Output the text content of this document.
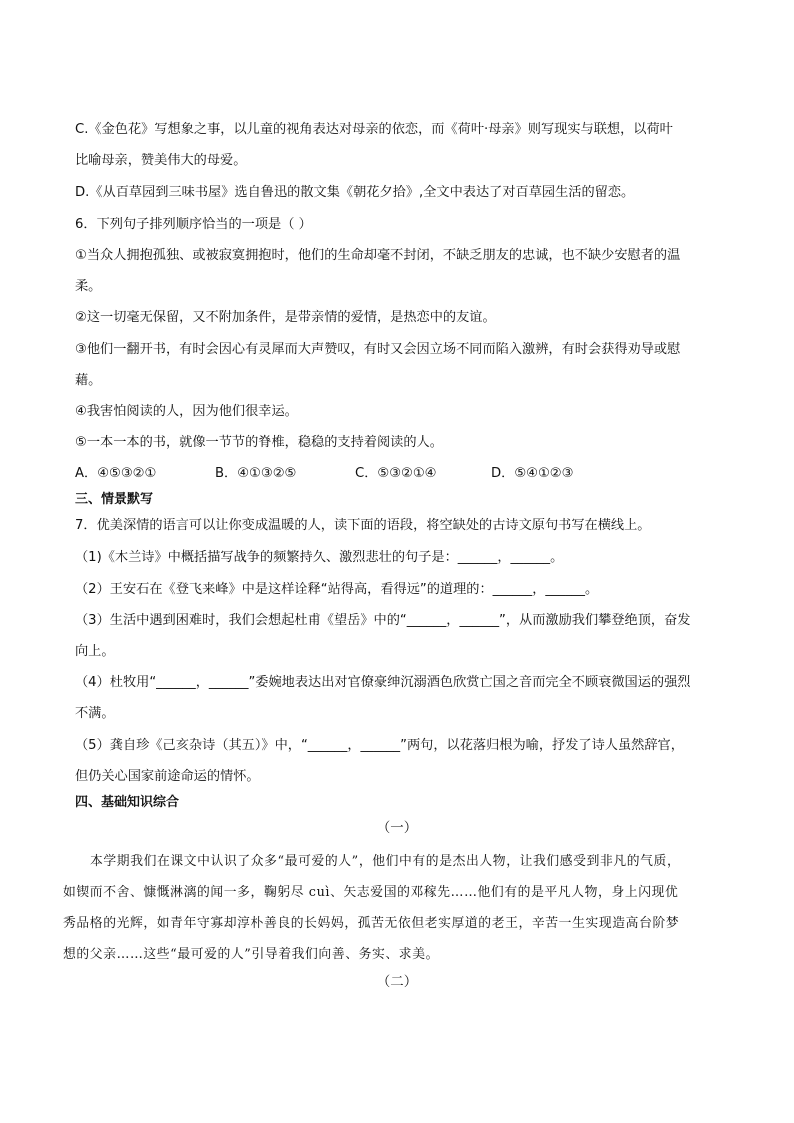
C.《金色花》写想象之事，以儿童的视角表达对母亲的依恋，而《荷叶·母亲》则写现实与联想，以荷叶
比喻母亲，赞美伟大的母爱。
D.《从百草园到三味书屋》选自鲁迅的散文集《朝花夕拾》,全文中表达了对百草园生活的留恋。
6．下列句子排列顺序恰当的一项是（ ）
①当众人拥抱孤独、或被寂寞拥抱时，他们的生命却毫不封闭，不缺乏朋友的忠诚，也不缺少安慰者的温
柔。
②这一切毫无保留，又不附加条件，是带亲情的爱情，是热恋中的友谊。
③他们一翻开书，有时会因心有灵犀而大声赞叹，有时又会因立场不同而陷入激辨，有时会获得劝导或慰
藉。
④我害怕阅读的人，因为他们很幸运。
⑤一本一本的书，就像一节节的脊椎，稳稳的支持着阅读的人。
A．④⑤③②①	B．④①③②⑤	C．⑤③②①④	D．⑤④①②③
三、情景默写
7．优美深情的语言可以让你变成温暖的人，读下面的语段，将空缺处的古诗文原句书写在横线上。
（1)《木兰诗》中概括描写战争的频繁持久、激烈悲壮的句子是：______，______。
（2）王安石在《登飞来峰》中是这样诠释“站得高，看得远”的道理的：______，______。
（3）生活中遇到困难时，我们会想起杜甫《望岳》中的“______，______”，从而激励我们攀登绝顶，奋发
向上。
（4）杜牧用“______，______”委婉地表达出对官僚豪绅沉溺酒色欣赏亡国之音而完全不顾衰微国运的强烈
不满。
（5）龚自珍《己亥杂诗（其五）》中，“______，______”两句，以花落归根为喻，抒发了诗人虽然辞官，
但仍关心国家前途命运的情怀。
四、基础知识综合
（一）
本学期我们在课文中认识了众多“最可爱的人”，他们中有的是杰出人物，让我们感受到非凡的气质，
如锲而不舍、慷慨淋漓的闻一多，鞠躬尽 cuì、矢志爱国的邓稼先……他们有的是平凡人物，身上闪现优
秀品格的光辉，如青年守寡却淳朴善良的长妈妈，孤苦无依但老实厚道的老王，辛苦一生实现造高台阶梦
想的父亲……这些“最可爱的人”引导着我们向善、务实、求美。
（二）
